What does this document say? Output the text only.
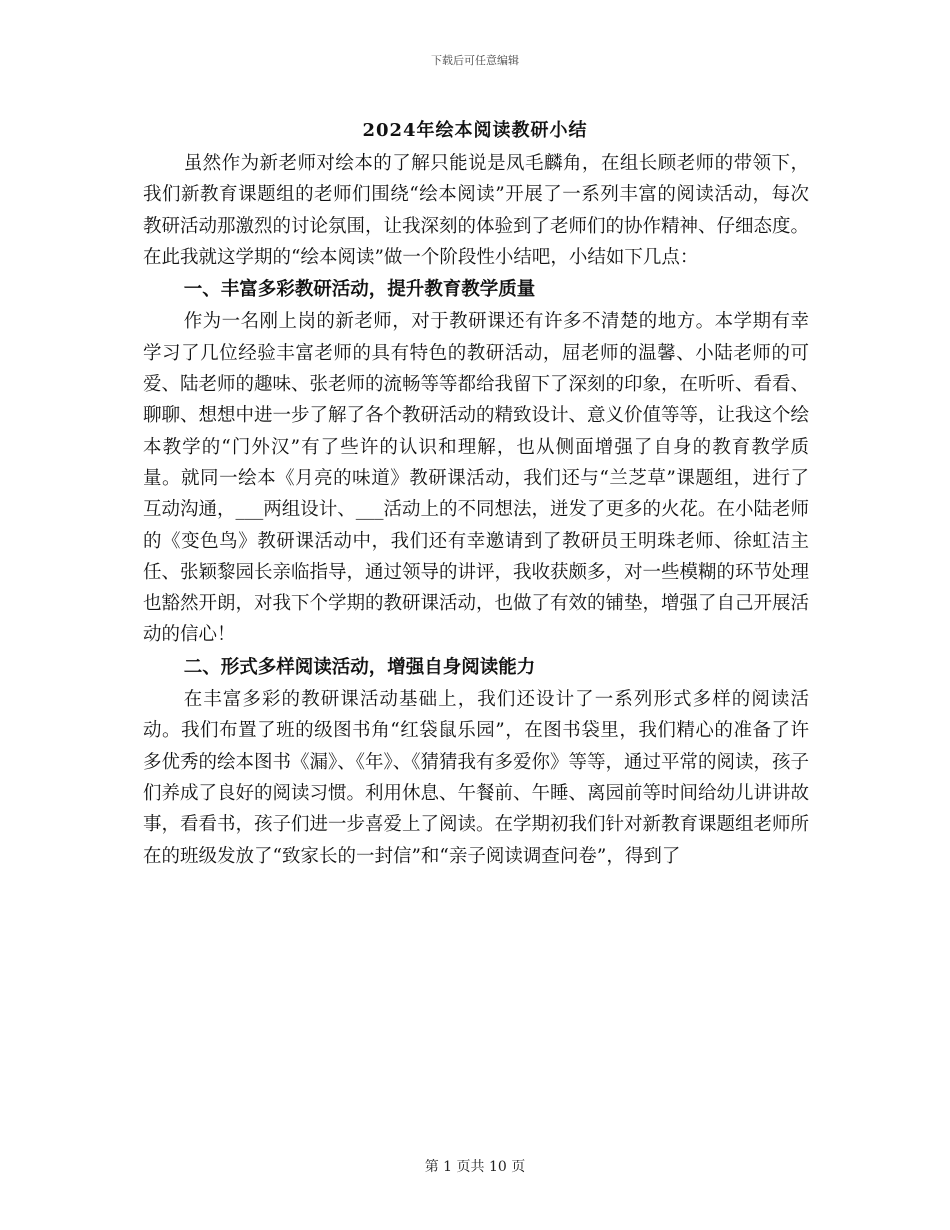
下载后可任意编辑
2024年绘本阅读教研小结

虽然作为新老师对绘本的了解只能说是凤毛麟角，在组长顾老师的带领下，我们新教育课题组的老师们围绕“绘本阅读”开展了一系列丰富的阅读活动，每次教研活动那激烈的讨论氛围，让我深刻的体验到了老师们的协作精神、仔细态度。在此我就这学期的“绘本阅读”做一个阶段性小结吧，小结如下几点：

一、丰富多彩教研活动，提升教育教学质量

作为一名刚上岗的新老师，对于教研课还有许多不清楚的地方。本学期有幸学习了几位经验丰富老师的具有特色的教研活动，屈老师的温馨、小陆老师的可爱、陆老师的趣味、张老师的流畅等等都给我留下了深刻的印象，在听听、看看、聊聊、想想中进一步了解了各个教研活动的精致设计、意义价值等等，让我这个绘本教学的“门外汉”有了些许的认识和理解，也从侧面增强了自身的教育教学质量。就同一绘本《月亮的味道》教研课活动，我们还与“兰芝草”课题组，进行了互动沟通，___两组设计、___活动上的不同想法，迸发了更多的火花。在小陆老师的《变色鸟》教研课活动中，我们还有幸邀请到了教研员王明珠老师、徐虹洁主任、张颖黎园长亲临指导，通过领导的讲评，我收获颇多，对一些模糊的环节处理也豁然开朗，对我下个学期的教研课活动，也做了有效的铺垫，增强了自己开展活动的信心！

二、形式多样阅读活动，增强自身阅读能力

在丰富多彩的教研课活动基础上，我们还设计了一系列形式多样的阅读活动。我们布置了班的级图书角“红袋鼠乐园”，在图书袋里，我们精心的准备了许多优秀的绘本图书《漏》、《年》、《猜猜我有多爱你》等等，通过平常的阅读，孩子们养成了良好的阅读习惯。利用休息、午餐前、午睡、离园前等时间给幼儿讲讲故事，看看书，孩子们进一步喜爱上了阅读。在学期初我们针对新教育课题组老师所在的班级发放了“致家长的一封信”和“亲子阅读调查问卷”，得到了

第 1 页共 10 页
